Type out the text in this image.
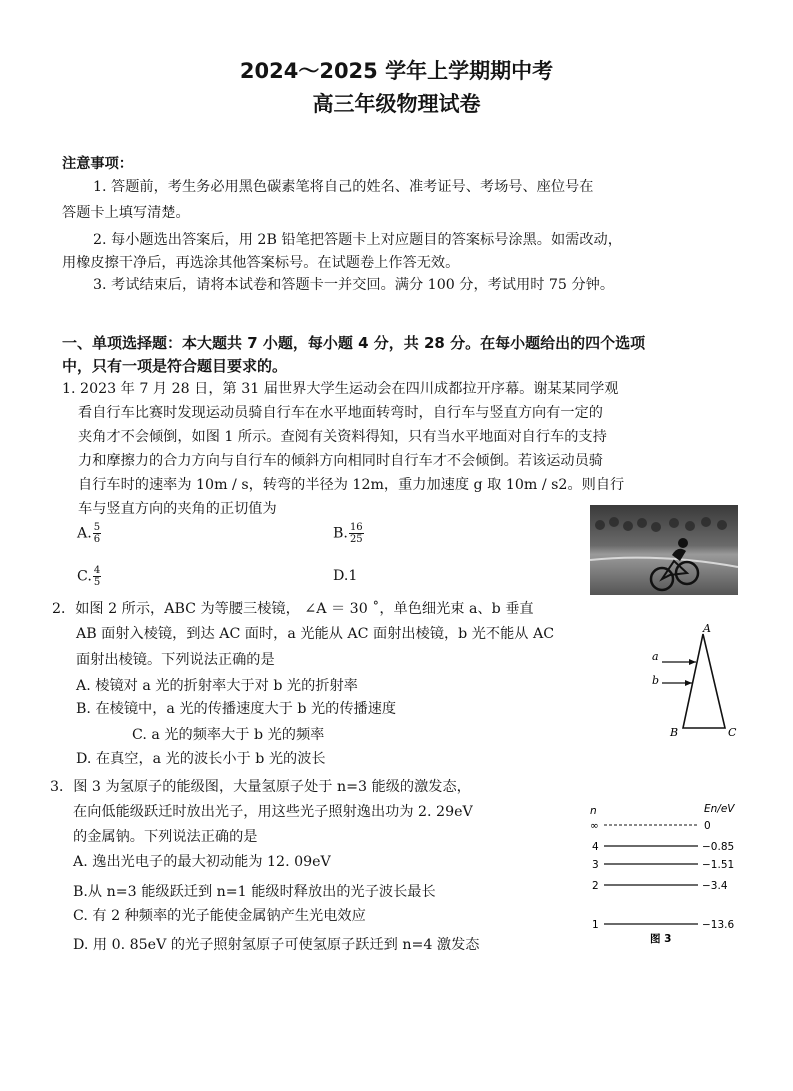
2024～2025 学年上学期期中考
高三年级物理试卷
注意事项：
1. 答题前，考生务必用黑色碳素笔将自己的姓名、准考证号、考场号、座位号在
答题卡上填写清楚。
2. 每小题选出答案后，用 2B 铅笔把答题卡上对应题目的答案标号涂黑。如需改动，
用橡皮擦干净后，再选涂其他答案标号。在试题卷上作答无效。
3. 考试结束后，请将本试卷和答题卡一并交回。满分 100 分，考试用时 75 分钟。
一、单项选择题：本大题共 7 小题，每小题 4 分，共 28 分。在每小题给出的四个选项
中，只有一项是符合题目要求的。
1. 2023 年 7 月 28 日，第 31 届世界大学生运动会在四川成都拉开序幕。谢某某同学观
看自行车比赛时发现运动员骑自行车在水平地面转弯时，自行车与竖直方向有一定的
夹角才不会倾倒，如图 1 所示。查阅有关资料得知，只有当水平地面对自行车的支持
力和摩擦力的合力方向与自行车的倾斜方向相同时自行车才不会倾倒。若该运动员骑
自行车时的速率为 10m / s，转弯的半径为 12m，重力加速度 g 取 10m / s2。则自行
车与竖直方向的夹角的正切值为
A. $\frac{5}{6}$	B. $\frac{16}{25}$
C. $\frac{4}{5}$	D.1
2．如图 2 所示，ABC 为等腰三棱镜， ∠A ＝ 30 ˚，单色细光束 a、b 垂直
AB 面射入棱镜，到达 AC 面时，a 光能从 AC 面射出棱镜，b 光不能从 AC
面射出棱镜。下列说法正确的是
A. 棱镜对 a 光的折射率大于对 b 光的折射率
B. 在棱镜中，a 光的传播速度大于 b 光的传播速度
C. a 光的频率大于 b 光的频率
D. 在真空，a 光的波长小于 b 光的波长
A
B	C
a
b
3．图 3 为氢原子的能级图，大量氢原子处于 n=3 能级的激发态，
在向低能级跃迁时放出光子，用这些光子照射逸出功为 2. 29eV
的金属钠。下列说法正确的是
A. 逸出光电子的最大初动能为 12. 09eV
B.从 n=3 能级跃迁到 n=1 能级时释放出的光子波长最长
C. 有 2 种频率的光子能使金属钠产生光电效应
D. 用 0. 85eV 的光子照射氢原子可使氢原子跃迁到 n=4 激发态
n	En/eV
∞	0
4	−0.85
3	−1.51
2	−3.4
1	−13.6
图 3
